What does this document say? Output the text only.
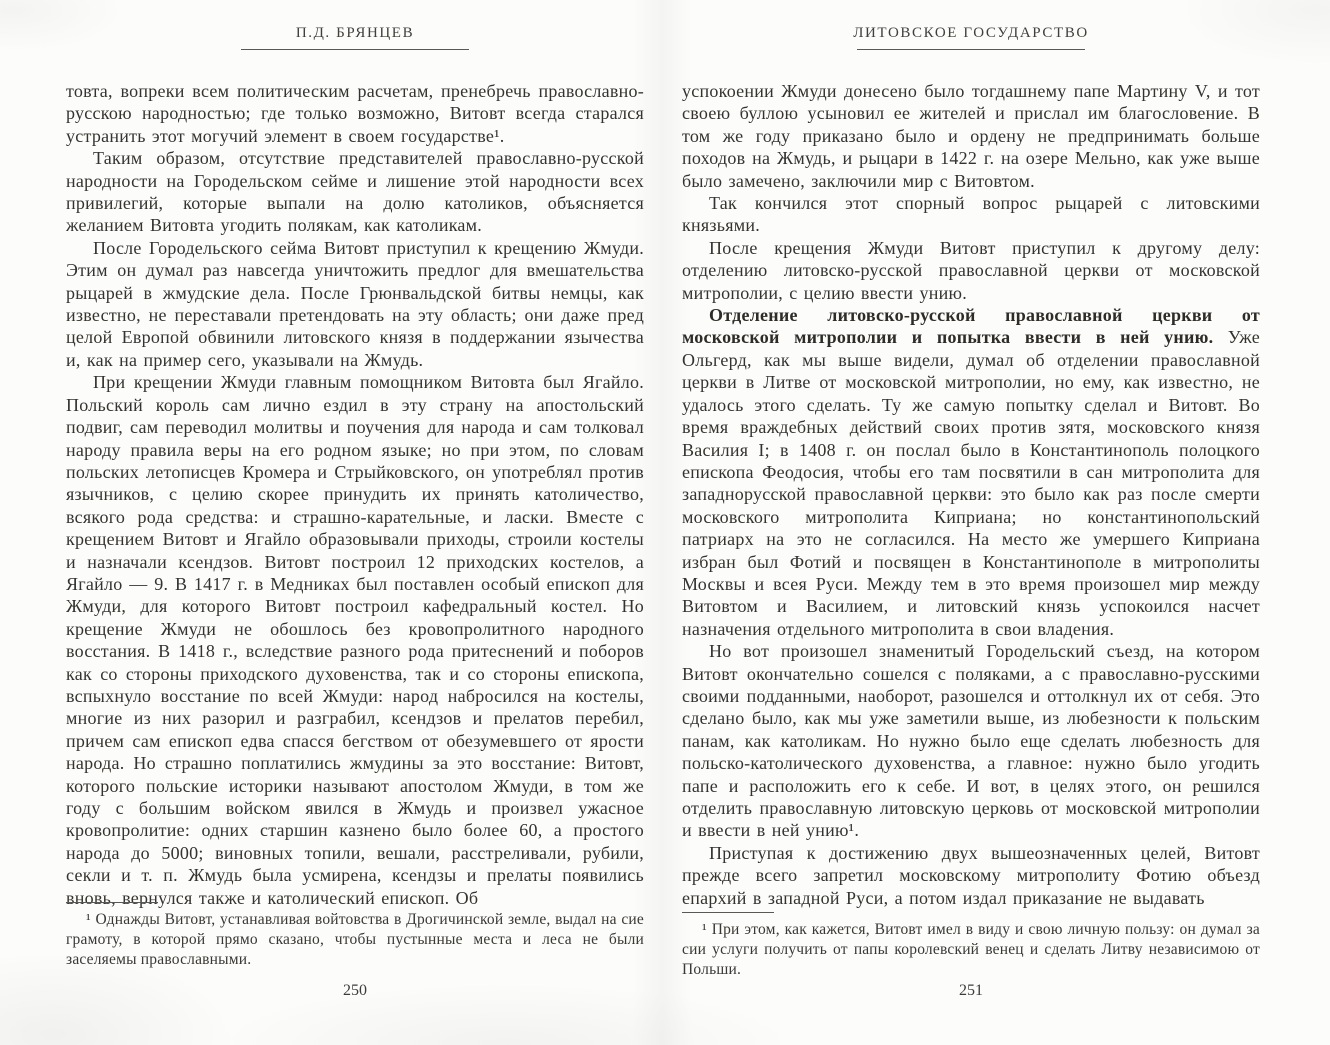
П.Д. БРЯНЦЕВ

товта, вопреки всем политическим расчетам, пренебречь православно-русскою народностью; где только возможно, Витовт всегда старался устранить этот могучий элемент в своем государстве¹.

Таким образом, отсутствие представителей православно-русской народности на Городельском сейме и лишение этой народности всех привилегий, которые выпали на долю католиков, объясняется желанием Витовта угодить полякам, как католикам.

После Городельского сейма Витовт приступил к крещению Жмуди. Этим он думал раз навсегда уничтожить предлог для вмешательства рыцарей в жмудские дела. После Грюнвальдской битвы немцы, как известно, не переставали претендовать на эту область; они даже пред целой Европой обвинили литовского князя в поддержании язычества и, как на пример сего, указывали на Жмудь.

При крещении Жмуди главным помощником Витовта был Ягайло. Польский король сам лично ездил в эту страну на апостольский подвиг, сам переводил молитвы и поучения для народа и сам толковал народу правила веры на его родном языке; но при этом, по словам польских летописцев Кромера и Стрыйковского, он употреблял против язычников, с целию скорее принудить их принять католичество, всякого рода средства: и страшно-карательные, и ласки. Вместе с крещением Витовт и Ягайло образовывали приходы, строили костелы и назначали ксендзов. Витовт построил 12 приходских костелов, а Ягайло — 9. В 1417 г. в Медниках был поставлен особый епископ для Жмуди, для которого Витовт построил кафедральный костел. Но крещение Жмуди не обошлось без кровопролитного народного восстания. В 1418 г., вследствие разного рода притеснений и поборов как со стороны приходского духовенства, так и со стороны епископа, вспыхнуло восстание по всей Жмуди: народ набросился на костелы, многие из них разорил и разграбил, ксендзов и прелатов перебил, причем сам епископ едва спасся бегством от обезумевшего от ярости народа. Но страшно поплатились жмудины за это восстание: Витовт, которого польские историки называют апостолом Жмуди, в том же году с большим войском явился в Жмудь и произвел ужасное кровопролитие: одних старшин казнено было более 60, а простого народа до 5000; виновных топили, вешали, расстреливали, рубили, секли и т. п. Жмудь была усмирена, ксендзы и прелаты появились вновь, вернулся также и католический епископ. Об

¹ Однажды Витовт, устанавливая войтовства в Дрогичинской земле, выдал на сие грамоту, в которой прямо сказано, чтобы пустынные места и леса не были заселяемы православными.

250
ЛИТОВСКОЕ ГОСУДАРСТВО

успокоении Жмуди донесено было тогдашнему папе Мартину V, и тот своею буллою усыновил ее жителей и прислал им благословение. В том же году приказано было и ордену не предпринимать больше походов на Жмудь, и рыцари в 1422 г. на озере Мельно, как уже выше было замечено, заключили мир с Витовтом.

Так кончился этот спорный вопрос рыцарей с литовскими князьями.

После крещения Жмуди Витовт приступил к другому делу: отделению литовско-русской православной церкви от московской митрополии, с целию ввести унию.

Отделение литовско-русской православной церкви от московской митрополии и попытка ввести в ней унию. Уже Ольгерд, как мы выше видели, думал об отделении православной церкви в Литве от московской митрополии, но ему, как известно, не удалось этого сделать. Ту же самую попытку сделал и Витовт. Во время враждебных действий своих против зятя, московского князя Василия I; в 1408 г. он послал было в Константинополь полоцкого епископа Феодосия, чтобы его там посвятили в сан митрополита для западнорусской православной церкви: это было как раз после смерти московского митрополита Киприана; но константинопольский патриарх на это не согласился. На место же умершего Киприана избран был Фотий и посвящен в Константинополе в митрополиты Москвы и всея Руси. Между тем в это время произошел мир между Витовтом и Василием, и литовский князь успокоился насчет назначения отдельного митрополита в свои владения.

Но вот произошел знаменитый Городельский съезд, на котором Витовт окончательно сошелся с поляками, а с православно-русскими своими подданными, наоборот, разошелся и оттолкнул их от себя. Это сделано было, как мы уже заметили выше, из любезности к польским панам, как католикам. Но нужно было еще сделать любезность для польско-католического духовенства, а главное: нужно было угодить папе и расположить его к себе. И вот, в целях этого, он решился отделить православную литовскую церковь от московской митрополии и ввести в ней унию¹.

Приступая к достижению двух вышеозначенных целей, Витовт прежде всего запретил московскому митрополиту Фотию объезд епархий в западной Руси, а потом издал приказание не выдавать

¹ При этом, как кажется, Витовт имел в виду и свою личную пользу: он думал за сии услуги получить от папы королевский венец и сделать Литву независимою от Польши.

251
